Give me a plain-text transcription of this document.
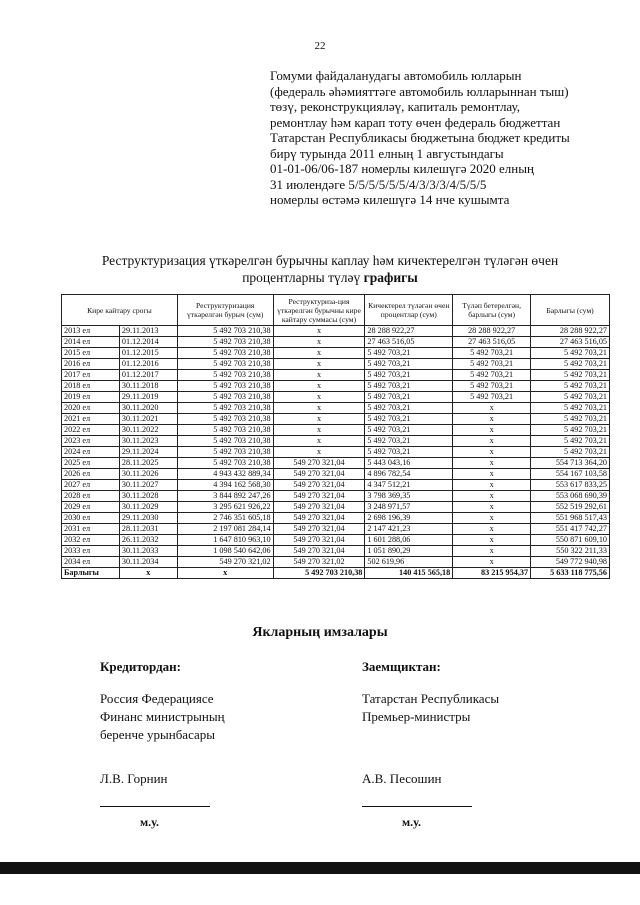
22
Гомуми файдаланудагы автомобиль юлларын
(федераль әһәмияттәге автомобиль юлларыннан тыш)
төзү, реконструкцияләү, капиталь ремонтлау,
ремонтлау һәм карап тоту өчен федераль бюджеттан
Татарстан Республикасы бюджетына бюджет кредиты
бирү турында 2011 елның 1 августындагы
01-01-06/06-187 номерлы килешүгә 2020 елның
31 июлендәге 5/5/5/5/5/5/4/3/3/3/4/5/5/5
номерлы өстәмә килешүгә 14 нче кушымта
Реструктуризация үткәрелгән бурычны каплау һәм кичектерелгән түләгән өчен
процентларны түләү графигы
Кире кайтару срогы		Реструктуризация үткәрелгән бурыч (сум)	Реструктуриза-ция үткәрелгән бурычны кире кайтару суммасы (сум)	Кичектерел түләгән өчен процентлар (сум)	Түләп бетерелгән, барлыгы (сум)	Барлыгы (сум)
2013 ел	29.11.2013	5 492 703 210,38	x	28 288 922,27	28 288 922,27	28 288 922,27
2014 ел	01.12.2014	5 492 703 210,38	x	27 463 516,05	27 463 516,05	27 463 516,05
2015 ел	01.12.2015	5 492 703 210,38	x	5 492 703,21	5 492 703,21	5 492 703,21
2016 ел	01.12.2016	5 492 703 210,38	x	5 492 703,21	5 492 703,21	5 492 703,21
2017 ел	01.12.2017	5 492 703 210,38	x	5 492 703,21	5 492 703,21	5 492 703,21
2018 ел	30.11.2018	5 492 703 210,38	x	5 492 703,21	5 492 703,21	5 492 703,21
2019 ел	29.11.2019	5 492 703 210,38	x	5 492 703,21	5 492 703,21	5 492 703,21
2020 ел	30.11.2020	5 492 703 210,38	x	5 492 703,21	x	5 492 703,21
2021 ел	30.11.2021	5 492 703 210,38	x	5 492 703,21	x	5 492 703,21
2022 ел	30.11.2022	5 492 703 210,38	x	5 492 703,21	x	5 492 703,21
2023 ел	30.11.2023	5 492 703 210,38	x	5 492 703,21	x	5 492 703,21
2024 ел	29.11.2024	5 492 703 210,38	x	5 492 703,21	x	5 492 703,21
2025 ел	28.11.2025	5 492 703 210,38	549 270 321,04	5 443 043,16	x	554 713 364,20
2026 ел	30.11.2026	4 943 432 889,34	549 270 321,04	4 896 782,54	x	554 167 103,58
2027 ел	30.11.2027	4 394 162 568,30	549 270 321,04	4 347 512,21	x	553 617 833,25
2028 ел	30.11.2028	3 844 892 247,26	549 270 321,04	3 798 369,35	x	553 068 690,39
2029 ел	30.11.2029	3 295 621 926,22	549 270 321,04	3 248 971,57	x	552 519 292,61
2030 ел	29.11.2030	2 746 351 605,18	549 270 321,04	2 698 196,39	x	551 968 517,43
2031 ел	28.11.2031	2 197 081 284,14	549 270 321,04	2 147 421,23	x	551 417 742,27
2032 ел	26.11.2032	1 647 810 963,10	549 270 321,04	1 601 288,06	x	550 871 609,10
2033 ел	30.11.2033	1 098 540 642,06	549 270 321,04	1 051 890,29	x	550 322 211,33
2034 ел	30.11.2034	549 270 321,02	549 270 321,02	502 619,96	x	549 772 940,98
Барлыгы	x	x	5 492 703 210,38	140 415 565,18	83 215 954,37	5 633 118 775,56
Якларның имзалары
Кредитордан:
Россия Федерациясе
Финанс министрының
беренче урынбасары
Л.В. Горнин
м.у.
Заемщиктан:
Татарстан Республикасы
Премьер-министры
А.В. Песошин
м.у.
